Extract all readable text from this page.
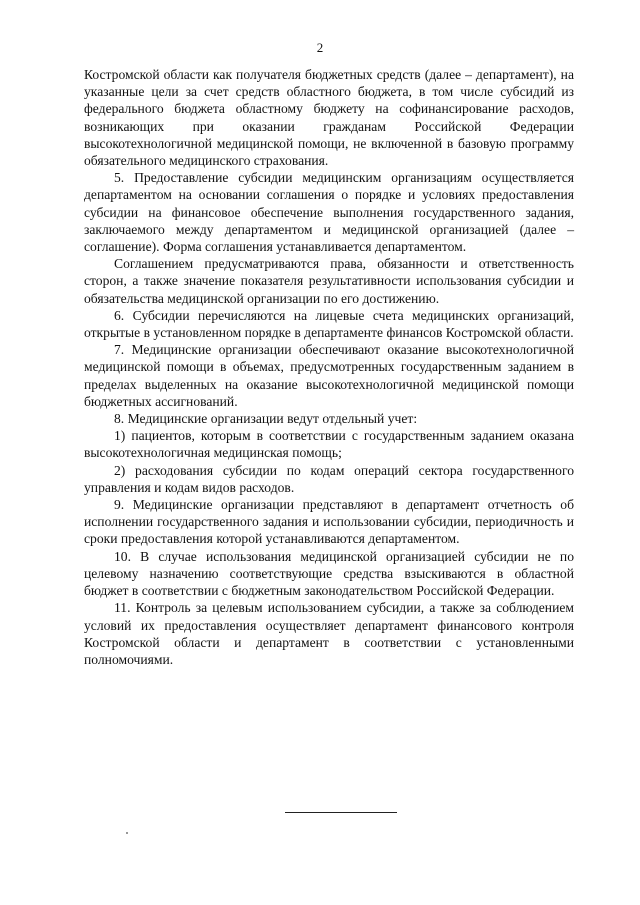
2

Костромской области как получателя бюджетных средств (далее – департамент), на указанные цели за счет средств областного бюджета, в том числе субсидий из федерального бюджета областному бюджету на софинансирование расходов, возникающих при оказании гражданам Российской Федерации высокотехнологичной медицинской помощи, не включенной в базовую программу обязательного медицинского страхования.

5. Предоставление субсидии медицинским организациям осуществляется департаментом на основании соглашения о порядке и условиях предоставления субсидии на финансовое обеспечение выполнения государственного задания, заключаемого между департаментом и медицинской организацией (далее – соглашение). Форма соглашения устанавливается департаментом.

Соглашением предусматриваются права, обязанности и ответственность сторон, а также значение показателя результативности использования субсидии и обязательства медицинской организации по его достижению.

6. Субсидии перечисляются на лицевые счета медицинских организаций, открытые в установленном порядке в департаменте финансов Костромской области.

7. Медицинские организации обеспечивают оказание высокотехнологичной медицинской помощи в объемах, предусмотренных государственным заданием в пределах выделенных на оказание высокотехнологичной медицинской помощи бюджетных ассигнований.

8. Медицинские организации ведут отдельный учет:

1) пациентов, которым в соответствии с государственным заданием оказана высокотехнологичная медицинская помощь;

2) расходования субсидии по кодам операций сектора государственного управления и кодам видов расходов.

9. Медицинские организации представляют в департамент отчетность об исполнении государственного задания и использовании субсидии, периодичность и сроки предоставления которой устанавливаются департаментом.

10. В случае использования медицинской организацией субсидии не по целевому назначению соответствующие средства взыскиваются в областной бюджет в соответствии с бюджетным законодательством Российской Федерации.

11. Контроль за целевым использованием субсидии, а также за соблюдением условий их предоставления осуществляет департамент финансового контроля Костромской области и департамент в соответствии с установленными полномочиями.
